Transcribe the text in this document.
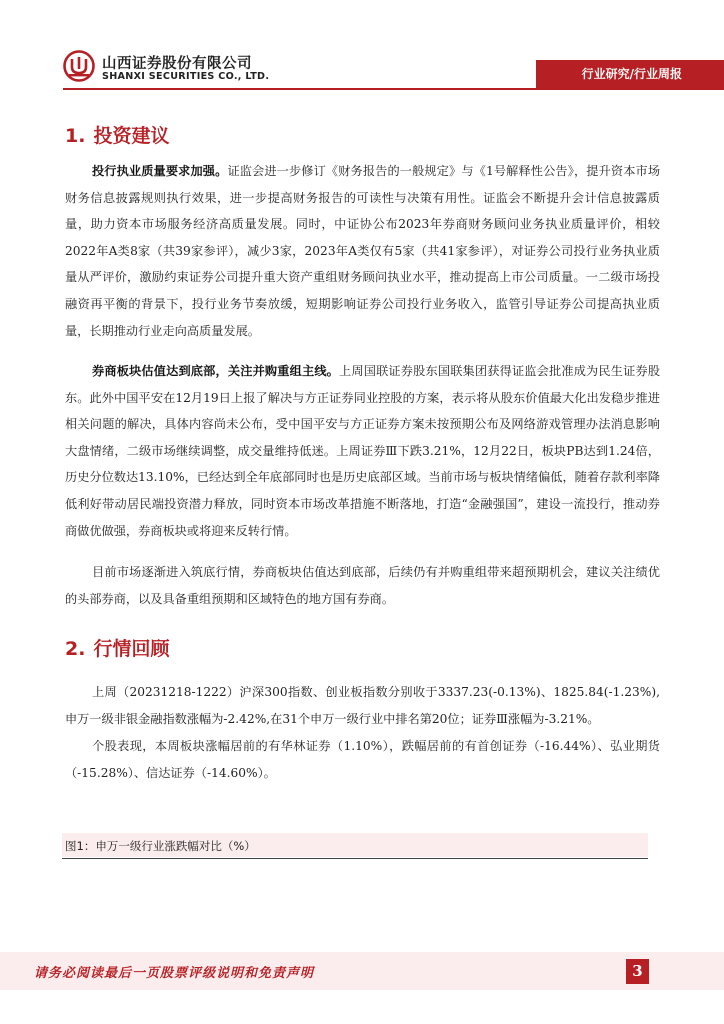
山西证券股份有限公司
SHANXI SECURITIES CO., LTD.	行业研究/行业周报
1. 投资建议
投行执业质量要求加强。证监会进一步修订《财务报告的一般规定》与《1号解释性公告》，提升资本市场财务信息披露规则执行效果，进一步提高财务报告的可读性与决策有用性。证监会不断提升会计信息披露质量，助力资本市场服务经济高质量发展。同时，中证协公布2023年券商财务顾问业务执业质量评价，相较2022年A类8家（共39家参评），减少3家，2023年A类仅有5家（共41家参评），对证券公司投行业务执业质量从严评价，激励约束证券公司提升重大资产重组财务顾问执业水平，推动提高上市公司质量。一二级市场投融资再平衡的背景下，投行业务节奏放缓，短期影响证券公司投行业务收入，监管引导证券公司提高执业质量，长期推动行业走向高质量发展。
券商板块估值达到底部，关注并购重组主线。上周国联证券股东国联集团获得证监会批准成为民生证券股东。此外中国平安在12月19日上报了解决与方正证券同业控股的方案，表示将从股东价值最大化出发稳步推进相关问题的解决，具体内容尚未公布，受中国平安与方正证券方案未按预期公布及网络游戏管理办法消息影响大盘情绪，二级市场继续调整，成交量维持低迷。上周证券Ⅲ下跌3.21%，12月22日，板块PB达到1.24倍，历史分位数达13.10%，已经达到全年底部同时也是历史底部区域。当前市场与板块情绪偏低，随着存款利率降低利好带动居民端投资潜力释放，同时资本市场改革措施不断落地，打造“金融强国”，建设一流投行，推动券商做优做强，券商板块或将迎来反转行情。
目前市场逐渐进入筑底行情，券商板块估值达到底部，后续仍有并购重组带来超预期机会，建议关注绩优的头部券商，以及具备重组预期和区域特色的地方国有券商。
2. 行情回顾
上周（20231218-1222）沪深300指数、创业板指数分别收于3337.23(-0.13%)、1825.84(-1.23%),申万一级非银金融指数涨幅为-2.42%,在31个申万一级行业中排名第20位；证券Ⅲ涨幅为-3.21%。
个股表现，本周板块涨幅居前的有华林证券（1.10%），跌幅居前的有首创证券（-16.44%）、弘业期货（-15.28%）、信达证券（-14.60%）。
图1：申万一级行业涨跌幅对比（%）
请务必阅读最后一页股票评级说明和免责声明	3
